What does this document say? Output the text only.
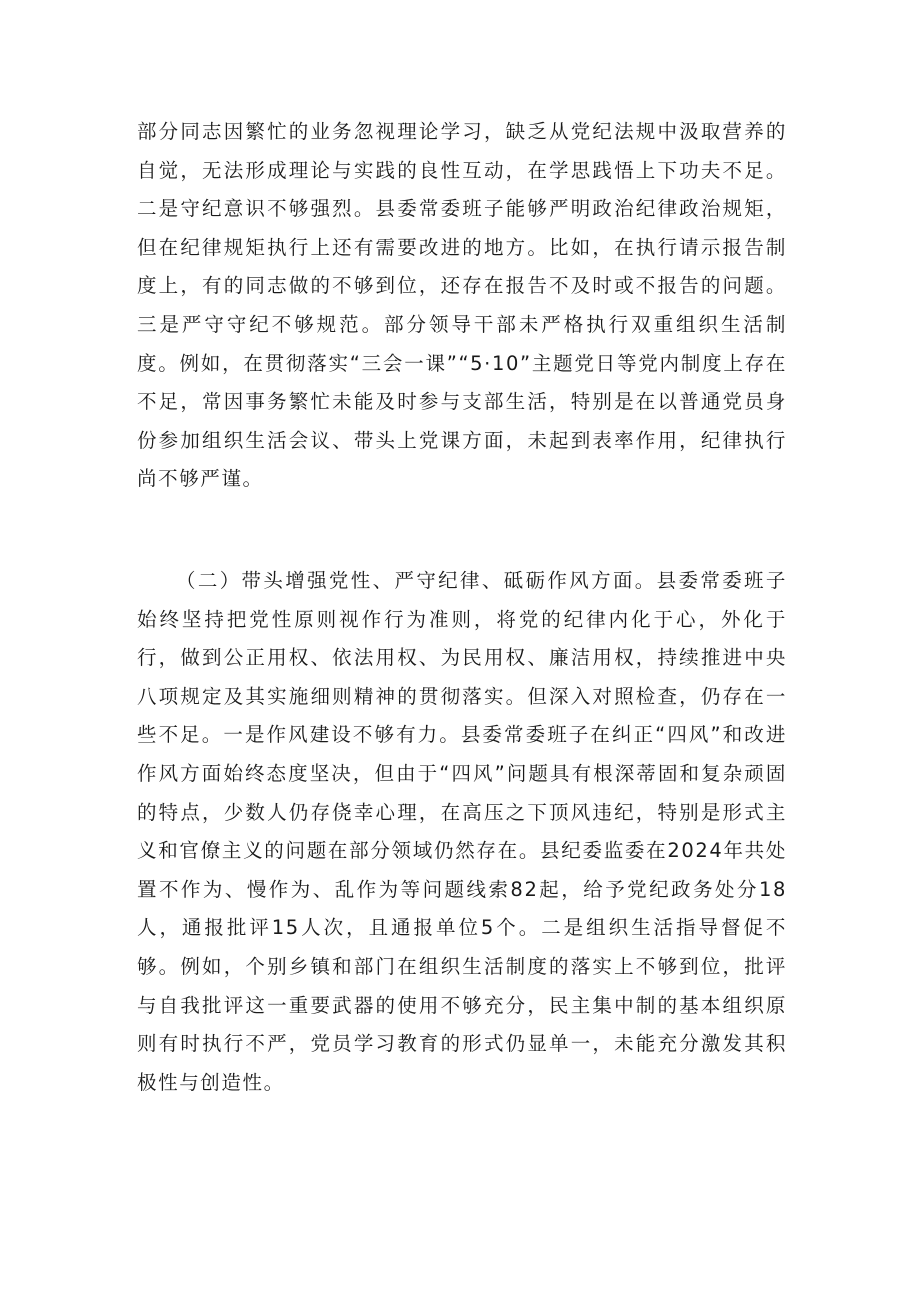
部分同志因繁忙的业务忽视理论学习，缺乏从党纪法规中汲取营养的自觉，无法形成理论与实践的良性互动，在学思践悟上下功夫不足。二是守纪意识不够强烈。县委常委班子能够严明政治纪律政治规矩，但在纪律规矩执行上还有需要改进的地方。比如，在执行请示报告制度上，有的同志做的不够到位，还存在报告不及时或不报告的问题。三是严守守纪不够规范。部分领导干部未严格执行双重组织生活制度。例如，在贯彻落实“三会一课”“5·10”主题党日等党内制度上存在不足，常因事务繁忙未能及时参与支部生活，特别是在以普通党员身份参加组织生活会议、带头上党课方面，未起到表率作用，纪律执行尚不够严谨。

（二）带头增强党性、严守纪律、砥砺作风方面。县委常委班子始终坚持把党性原则视作行为准则，将党的纪律内化于心，外化于行，做到公正用权、依法用权、为民用权、廉洁用权，持续推进中央八项规定及其实施细则精神的贯彻落实。但深入对照检查，仍存在一些不足。一是作风建设不够有力。县委常委班子在纠正“四风”和改进作风方面始终态度坚决，但由于“四风”问题具有根深蒂固和复杂顽固的特点，少数人仍存侥幸心理，在高压之下顶风违纪，特别是形式主义和官僚主义的问题在部分领域仍然存在。县纪委监委在2024年共处置不作为、慢作为、乱作为等问题线索82起，给予党纪政务处分18人，通报批评15人次，且通报单位5个。二是组织生活指导督促不够。例如，个别乡镇和部门在组织生活制度的落实上不够到位，批评与自我批评这一重要武器的使用不够充分，民主集中制的基本组织原则有时执行不严，党员学习教育的形式仍显单一，未能充分激发其积极性与创造性。
